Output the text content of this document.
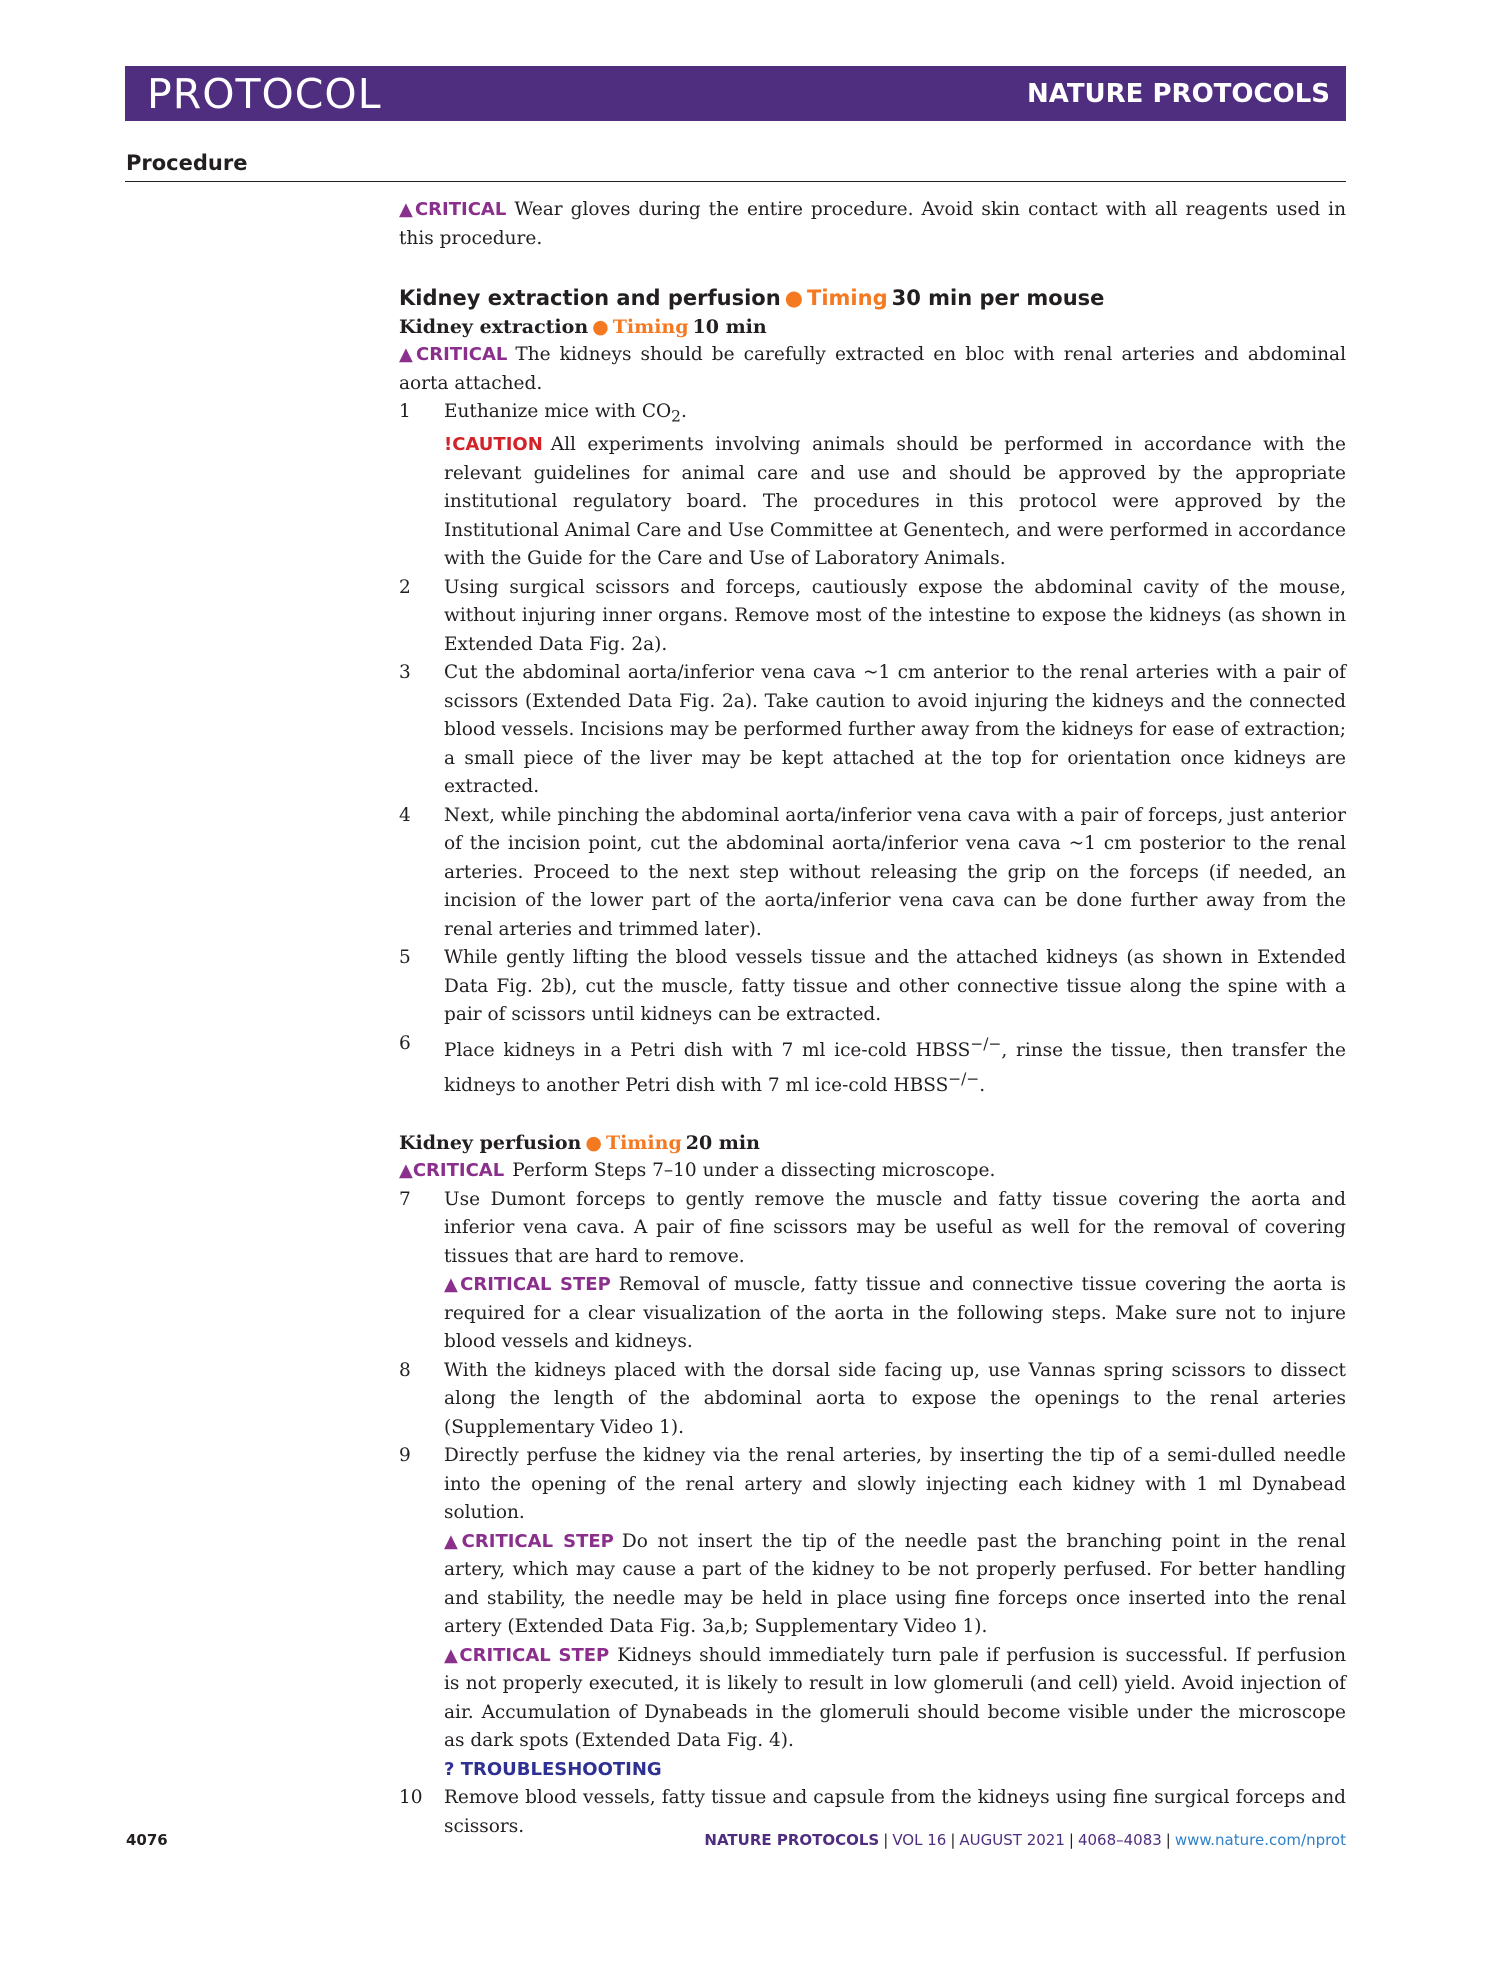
PROTOCOL	NATURE PROTOCOLS
Procedure

▲CRITICAL Wear gloves during the entire procedure. Avoid skin contact with all reagents used in this procedure.

Kidney extraction and perfusion ● Timing 30 min per mouse
Kidney extraction ● Timing 10 min

▲CRITICAL The kidneys should be carefully extracted en bloc with renal arteries and abdominal aorta attached.

1	Euthanize mice with $CO_2$.

!CAUTION All experiments involving animals should be performed in accordance with the relevant guidelines for animal care and use and should be approved by the appropriate institutional regulatory board. The procedures in this protocol were approved by the Institutional Animal Care and Use Committee at Genentech, and were performed in accordance with the Guide for the Care and Use of Laboratory Animals.

2	Using surgical scissors and forceps, cautiously expose the abdominal cavity of the mouse, without injuring inner organs. Remove most of the intestine to expose the kidneys (as shown in Extended Data Fig. 2a).

3	Cut the abdominal aorta/inferior vena cava ~1 cm anterior to the renal arteries with a pair of scissors (Extended Data Fig. 2a). Take caution to avoid injuring the kidneys and the connected blood vessels. Incisions may be performed further away from the kidneys for ease of extraction; a small piece of the liver may be kept attached at the top for orientation once kidneys are extracted.

4	Next, while pinching the abdominal aorta/inferior vena cava with a pair of forceps, just anterior of the incision point, cut the abdominal aorta/inferior vena cava ~1 cm posterior to the renal arteries. Proceed to the next step without releasing the grip on the forceps (if needed, an incision of the lower part of the aorta/inferior vena cava can be done further away from the renal arteries and trimmed later).

5	While gently lifting the blood vessels tissue and the attached kidneys (as shown in Extended Data Fig. 2b), cut the muscle, fatty tissue and other connective tissue along the spine with a pair of scissors until kidneys can be extracted.

6	Place kidneys in a Petri dish with 7 ml ice-cold HBSS−/−, rinse the tissue, then transfer the kidneys to another Petri dish with 7 ml ice-cold HBSS−/−.

Kidney perfusion ● Timing 20 min

▲CRITICAL Perform Steps 7–10 under a dissecting microscope.

7	Use Dumont forceps to gently remove the muscle and fatty tissue covering the aorta and inferior vena cava. A pair of fine scissors may be useful as well for the removal of covering tissues that are hard to remove.

▲CRITICAL STEP Removal of muscle, fatty tissue and connective tissue covering the aorta is required for a clear visualization of the aorta in the following steps. Make sure not to injure blood vessels and kidneys.

8	With the kidneys placed with the dorsal side facing up, use Vannas spring scissors to dissect along the length of the abdominal aorta to expose the openings to the renal arteries (Supplementary Video 1).

9	Directly perfuse the kidney via the renal arteries, by inserting the tip of a semi-dulled needle into the opening of the renal artery and slowly injecting each kidney with 1 ml Dynabead solution.

▲CRITICAL STEP Do not insert the tip of the needle past the branching point in the renal artery, which may cause a part of the kidney to be not properly perfused. For better handling and stability, the needle may be held in place using fine forceps once inserted into the renal artery (Extended Data Fig. 3a,b; Supplementary Video 1).

▲CRITICAL STEP Kidneys should immediately turn pale if perfusion is successful. If perfusion is not properly executed, it is likely to result in low glomeruli (and cell) yield. Avoid injection of air. Accumulation of Dynabeads in the glomeruli should become visible under the microscope as dark spots (Extended Data Fig. 4).

? TROUBLESHOOTING

10	Remove blood vessels, fatty tissue and capsule from the kidneys using fine surgical forceps and scissors.

4076	NATURE PROTOCOLS | VOL 16 | AUGUST 2021 | 4068–4083 | www.nature.com/nprot
